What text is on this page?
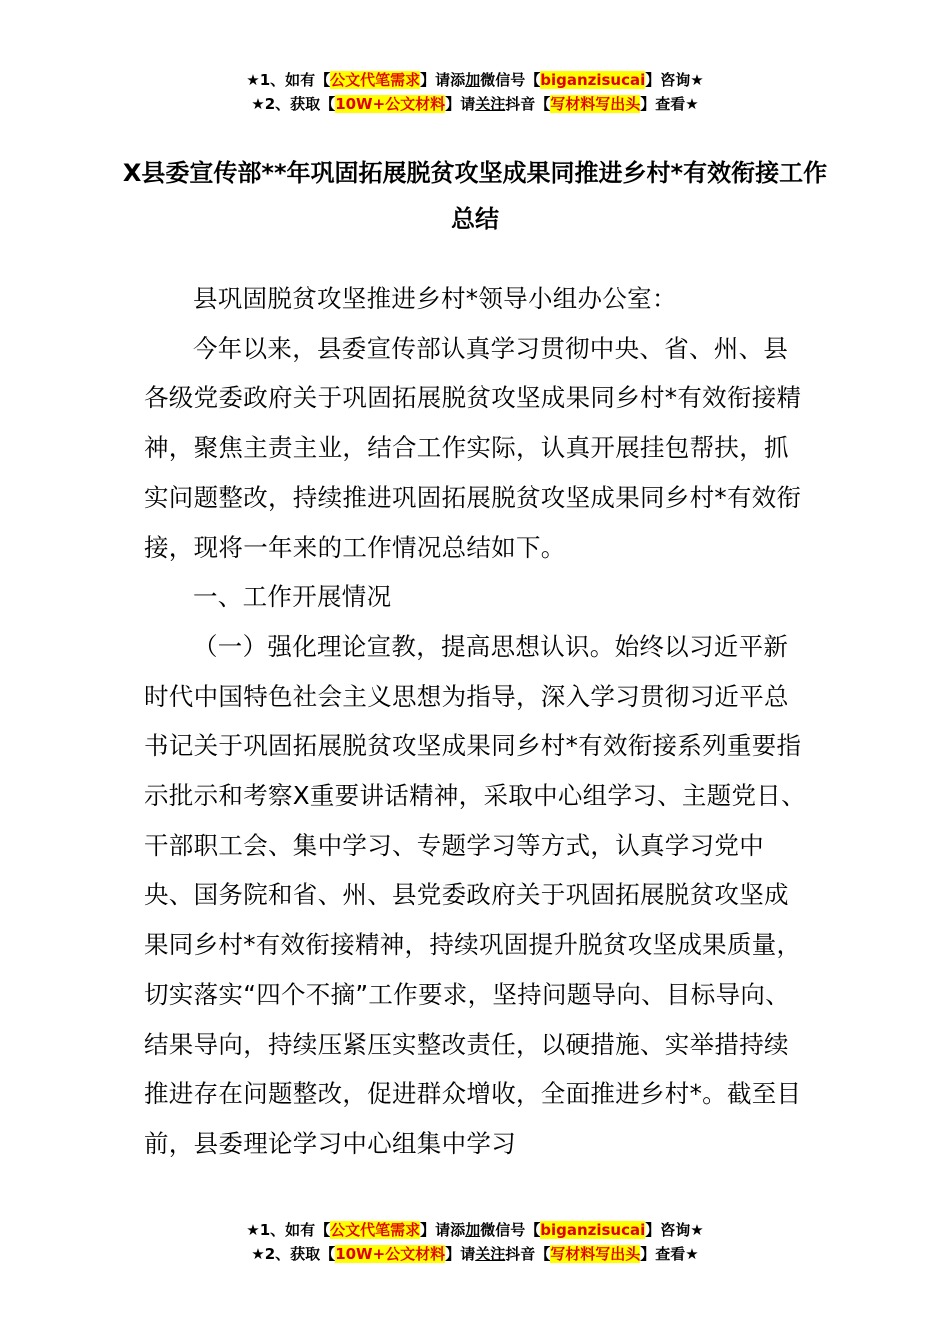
★1、如有【公文代笔需求】请添加微信号【biganzisucai】咨询★
★2、获取【10W+公文材料】请关注抖音【写材料写出头】查看★
X县委宣传部**年巩固拓展脱贫攻坚成果同推进乡村*有效衔接工作总结

县巩固脱贫攻坚推进乡村*领导小组办公室：

今年以来，县委宣传部认真学习贯彻中央、省、州、县各级党委政府关于巩固拓展脱贫攻坚成果同乡村*有效衔接精神，聚焦主责主业，结合工作实际，认真开展挂包帮扶，抓实问题整改，持续推进巩固拓展脱贫攻坚成果同乡村*有效衔接，现将一年来的工作情况总结如下。

一、工作开展情况

（一）强化理论宣教，提高思想认识。始终以习近平新时代中国特色社会主义思想为指导，深入学习贯彻习近平总书记关于巩固拓展脱贫攻坚成果同乡村*有效衔接系列重要指示批示和考察X重要讲话精神，采取中心组学习、主题党日、干部职工会、集中学习、专题学习等方式，认真学习党中央、国务院和省、州、县党委政府关于巩固拓展脱贫攻坚成果同乡村*有效衔接精神，持续巩固提升脱贫攻坚成果质量，切实落实“四个不摘”工作要求，坚持问题导向、目标导向、结果导向，持续压紧压实整改责任，以硬措施、实举措持续推进存在问题整改，促进群众增收，全面推进乡村*。截至目前，县委理论学习中心组集中学习

★1、如有【公文代笔需求】请添加微信号【biganzisucai】咨询★
★2、获取【10W+公文材料】请关注抖音【写材料写出头】查看★
